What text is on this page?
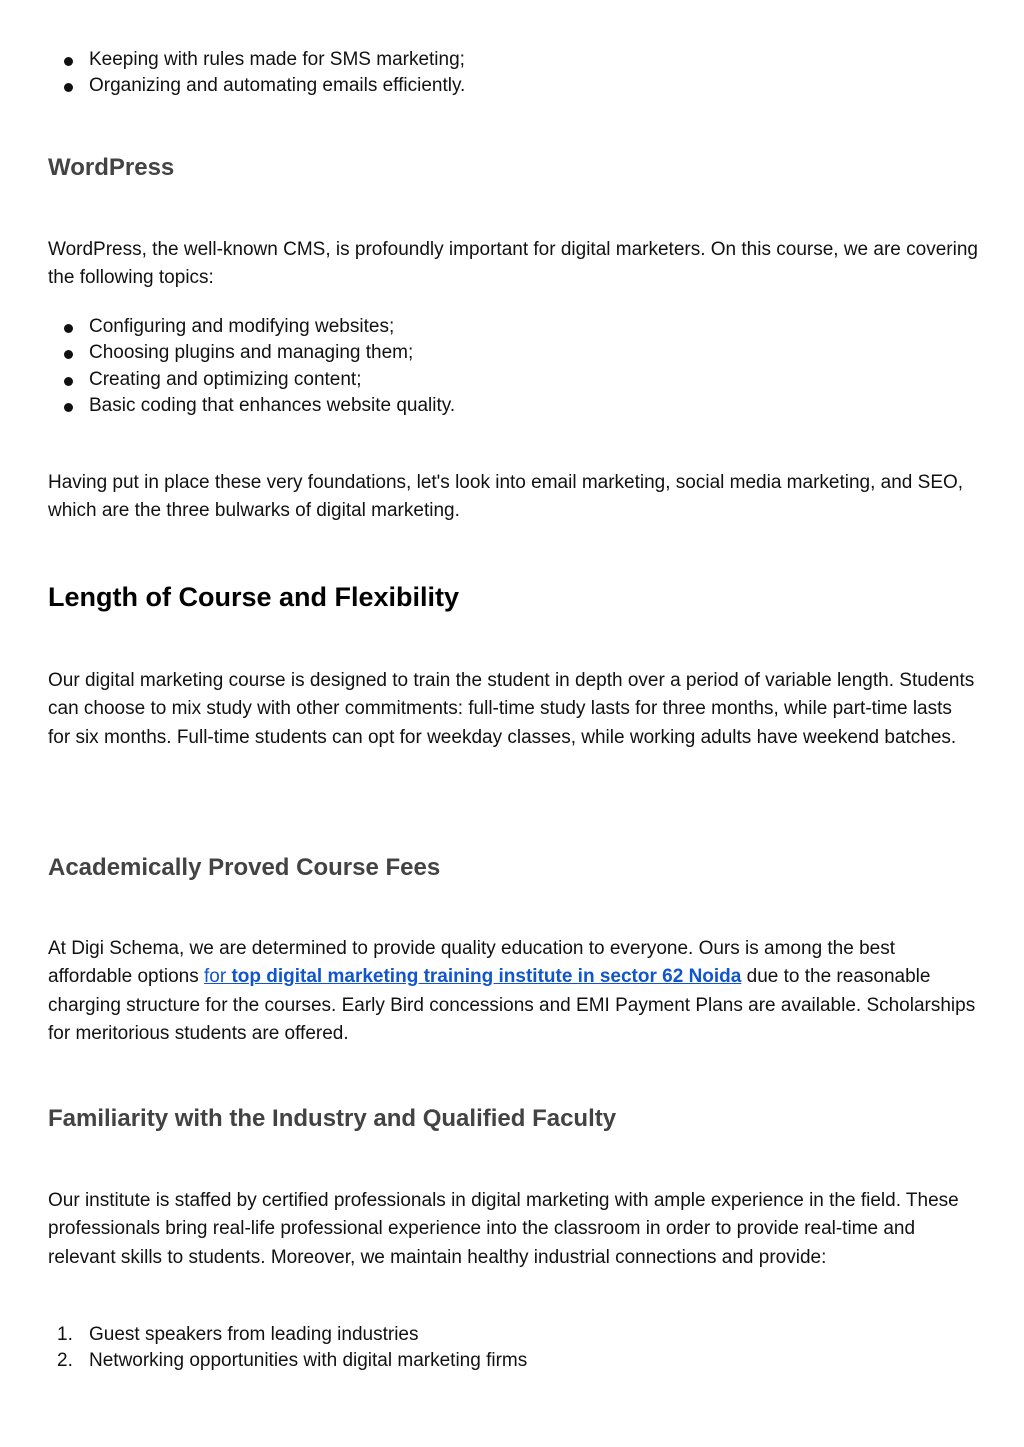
Keeping with rules made for SMS marketing;
Organizing and automating emails efficiently.
WordPress

WordPress, the well-known CMS, is profoundly important for digital marketers. On this course, we are covering the following topics:

Configuring and modifying websites;
Choosing plugins and managing them;
Creating and optimizing content;
Basic coding that enhances website quality.

Having put in place these very foundations, let's look into email marketing, social media marketing, and SEO, which are the three bulwarks of digital marketing.

Length of Course and Flexibility

Our digital marketing course is designed to train the student in depth over a period of variable length. Students can choose to mix study with other commitments: full-time study lasts for three months, while part-time lasts for six months. Full-time students can opt for weekday classes, while working adults have weekend batches.

Academically Proved Course Fees

At Digi Schema, we are determined to provide quality education to everyone. Ours is among the best affordable options for top digital marketing training institute in sector 62 Noida due to the reasonable charging structure for the courses. Early Bird concessions and EMI Payment Plans are available. Scholarships for meritorious students are offered.

Familiarity with the Industry and Qualified Faculty

Our institute is staffed by certified professionals in digital marketing with ample experience in the field. These professionals bring real-life professional experience into the classroom in order to provide real-time and relevant skills to students. Moreover, we maintain healthy industrial connections and provide:

1. Guest speakers from leading industries
2. Networking opportunities with digital marketing firms
